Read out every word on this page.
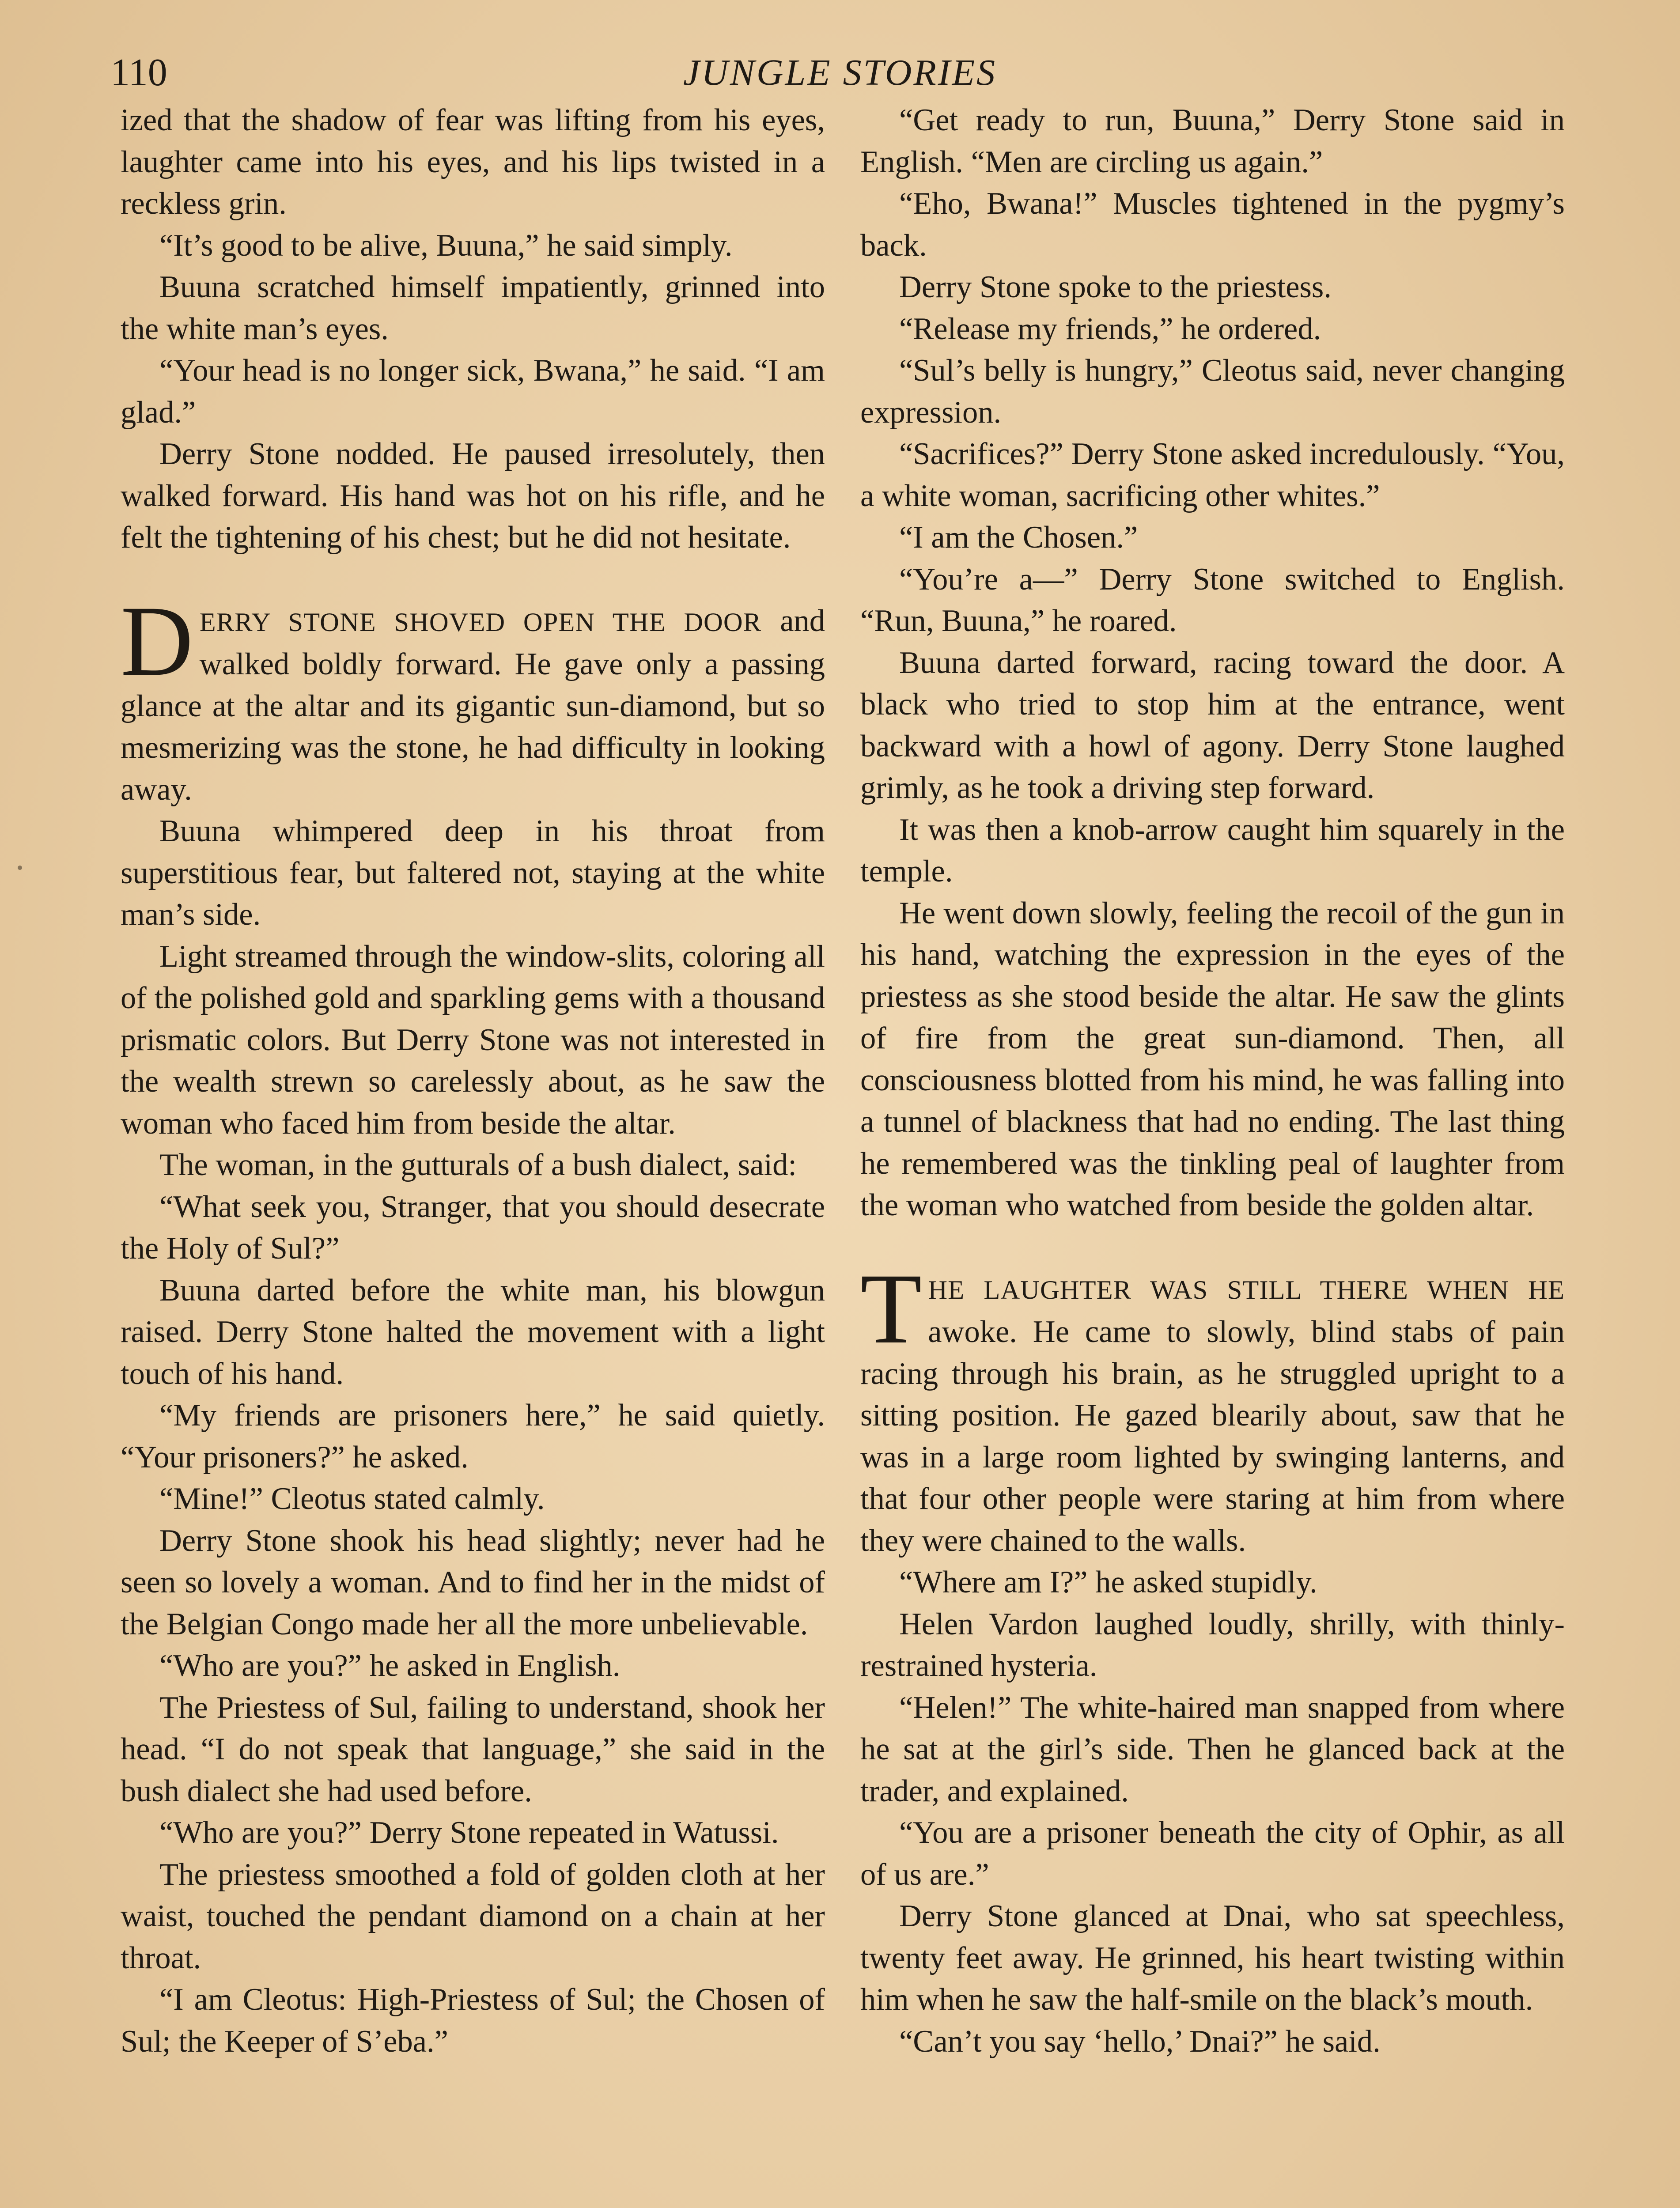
110	JUNGLE STORIES

ized that the shadow of fear was lifting from his eyes, laughter came into his eyes, and his lips twisted in a reckless grin.

“It’s good to be alive, Buuna,” he said simply.

Buuna scratched himself impatiently, grinned into the white man’s eyes.

“Your head is no longer sick, Bwana,” he said. “I am glad.”

Derry Stone nodded. He paused irresolutely, then walked forward. His hand was hot on his rifle, and he felt the tightening of his chest; but he did not hesitate.

DERRY STONE SHOVED OPEN THE DOOR and walked boldly forward. He gave only a passing glance at the altar and its gigantic sun-diamond, but so mesmerizing was the stone, he had difficulty in looking away.

Buuna whimpered deep in his throat from superstitious fear, but faltered not, staying at the white man’s side.

Light streamed through the window-slits, coloring all of the polished gold and sparkling gems with a thousand prismatic colors. But Derry Stone was not interested in the wealth strewn so carelessly about, as he saw the woman who faced him from beside the altar.

The woman, in the gutturals of a bush dialect, said:

“What seek you, Stranger, that you should desecrate the Holy of Sul?”

Buuna darted before the white man, his blowgun raised. Derry Stone halted the movement with a light touch of his hand.

“My friends are prisoners here,” he said quietly. “Your prisoners?” he asked.

“Mine!” Cleotus stated calmly.

Derry Stone shook his head slightly; never had he seen so lovely a woman. And to find her in the midst of the Belgian Congo made her all the more unbelievable.

“Who are you?” he asked in English.

The Priestess of Sul, failing to understand, shook her head. “I do not speak that language,” she said in the bush dialect she had used before.

“Who are you?” Derry Stone repeated in Watussi.

The priestess smoothed a fold of golden cloth at her waist, touched the pendant diamond on a chain at her throat.

“I am Cleotus: High-Priestess of Sul; the Chosen of Sul; the Keeper of S’eba.”

“Get ready to run, Buuna,” Derry Stone said in English. “Men are circling us again.”

“Eho, Bwana!” Muscles tightened in the pygmy’s back.

Derry Stone spoke to the priestess.

“Release my friends,” he ordered.

“Sul’s belly is hungry,” Cleotus said, never changing expression.

“Sacrifices?” Derry Stone asked incredulously. “You, a white woman, sacrificing other whites.”

“I am the Chosen.”

“You’re a—” Derry Stone switched to English. “Run, Buuna,” he roared.

Buuna darted forward, racing toward the door. A black who tried to stop him at the entrance, went backward with a howl of agony. Derry Stone laughed grimly, as he took a driving step forward.

It was then a knob-arrow caught him squarely in the temple.

He went down slowly, feeling the recoil of the gun in his hand, watching the expression in the eyes of the priestess as she stood beside the altar. He saw the glints of fire from the great sun-diamond. Then, all consciousness blotted from his mind, he was falling into a tunnel of blackness that had no ending. The last thing he remembered was the tinkling peal of laughter from the woman who watched from beside the golden altar.

THE LAUGHTER WAS STILL THERE WHEN HE awoke. He came to slowly, blind stabs of pain racing through his brain, as he struggled upright to a sitting position. He gazed blearily about, saw that he was in a large room lighted by swinging lanterns, and that four other people were staring at him from where they were chained to the walls.

“Where am I?” he asked stupidly.

Helen Vardon laughed loudly, shrilly, with thinly-restrained hysteria.

“Helen!” The white-haired man snapped from where he sat at the girl’s side. Then he glanced back at the trader, and explained.

“You are a prisoner beneath the city of Ophir, as all of us are.”

Derry Stone glanced at Dnai, who sat speechless, twenty feet away. He grinned, his heart twisting within him when he saw the half-smile on the black’s mouth.

“Can’t you say ‘hello,’ Dnai?” he said.
